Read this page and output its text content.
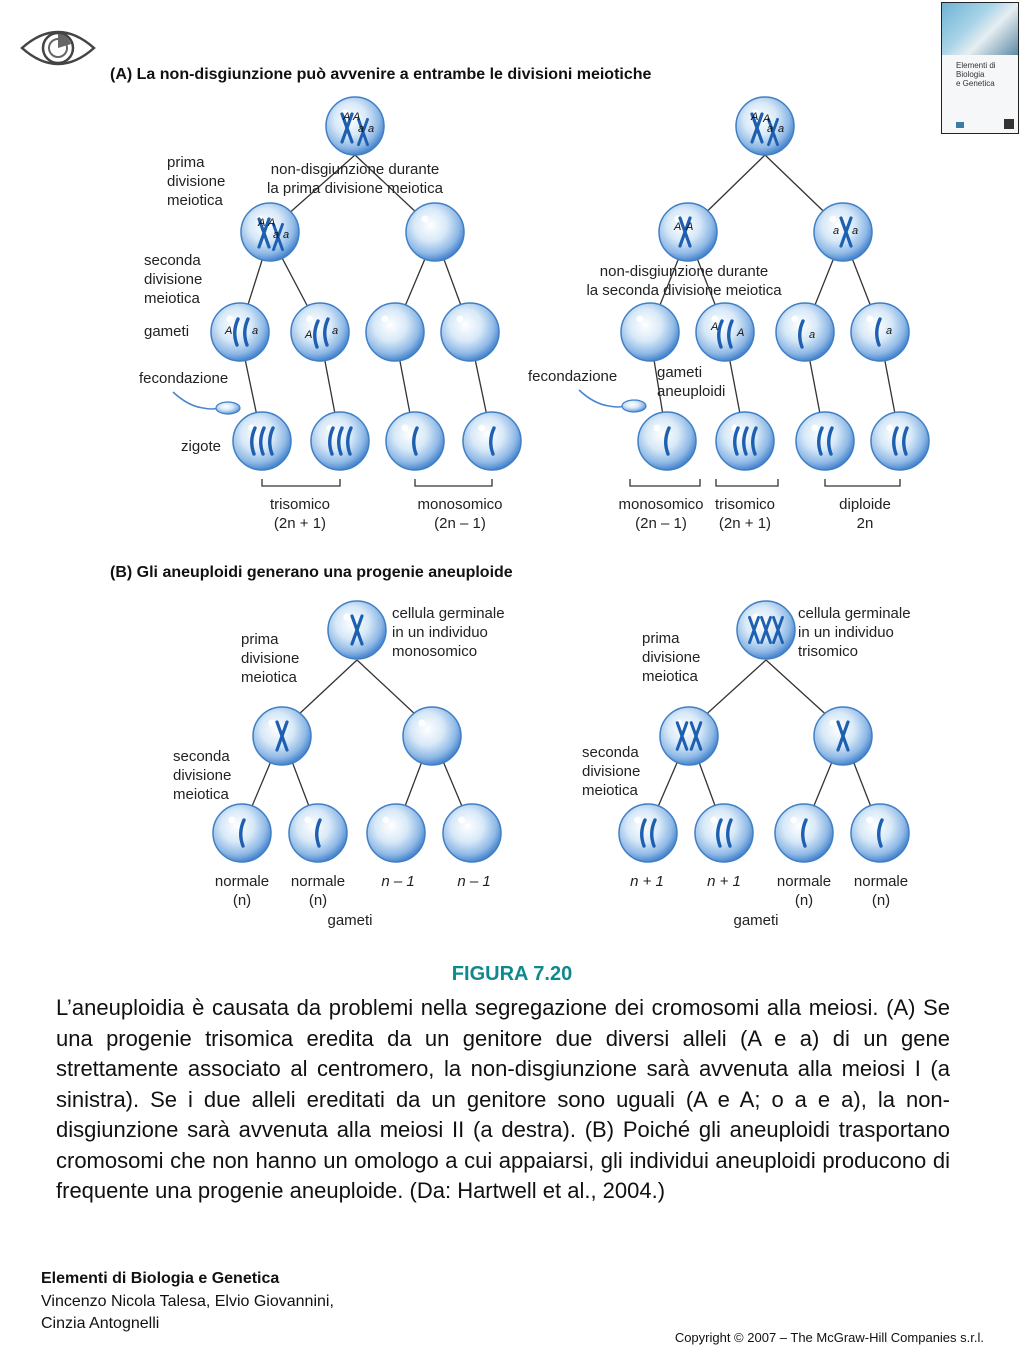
Elementi di
Biologia
e Genetica
(A) La non-disgiunzione può avvenire a entrambe le divisioni meiotiche
(B) Gli aneuploidi generano una progenie aneuploide
A A
a a
A A
a a
A a	A a
A A
a a
A A	a a
A A	a	a
prima
divisione
meiotica
non-disgiunzione durante
la prima divisione meiotica
seconda
divisione
meiotica
gameti
fecondazione
zigote
non-disgiunzione durante
la seconda divisione meiotica
fecondazione	gameti
aneuploidi
trisomico
(2n + 1)
monosomico
(2n – 1)
monosomico
(2n – 1)
trisomico
(2n + 1)
diploide
2n
cellula germinale
in un individuo
monosomico
cellula germinale
in un individuo
trisomico
prima
divisione
meiotica
prima
divisione
meiotica
seconda
divisione
meiotica
seconda
divisione
meiotica
normale
(n)
normale
(n)
n – 1	n – 1
gameti
n + 1	n + 1 normale
(n)
normale
(n)
gameti
FIGURA 7.20
L’aneuploidia è causata da problemi nella segregazione dei cromosomi alla meiosi. (A) Se una progenie trisomica eredita da un genitore due diversi alleli (A e a) di un gene strettamente associato al centromero, la non-disgiunzione sarà avvenuta alla meiosi I (a sinistra). Se i due alleli ereditati da un genitore sono uguali (A e A; o a e a), la non-disgiunzione sarà avvenuta alla meiosi II (a destra). (B) Poiché gli aneuploidi trasportano cromosomi che non hanno un omologo a cui appaiarsi, gli individui aneuploidi producono di frequente una progenie aneuploide. (Da: Hartwell et al., 2004.)
Elementi di Biologia e Genetica
Vincenzo Nicola Talesa, Elvio Giovannini,
Cinzia Antognelli
Copyright © 2007 – The McGraw-Hill Companies s.r.l.
